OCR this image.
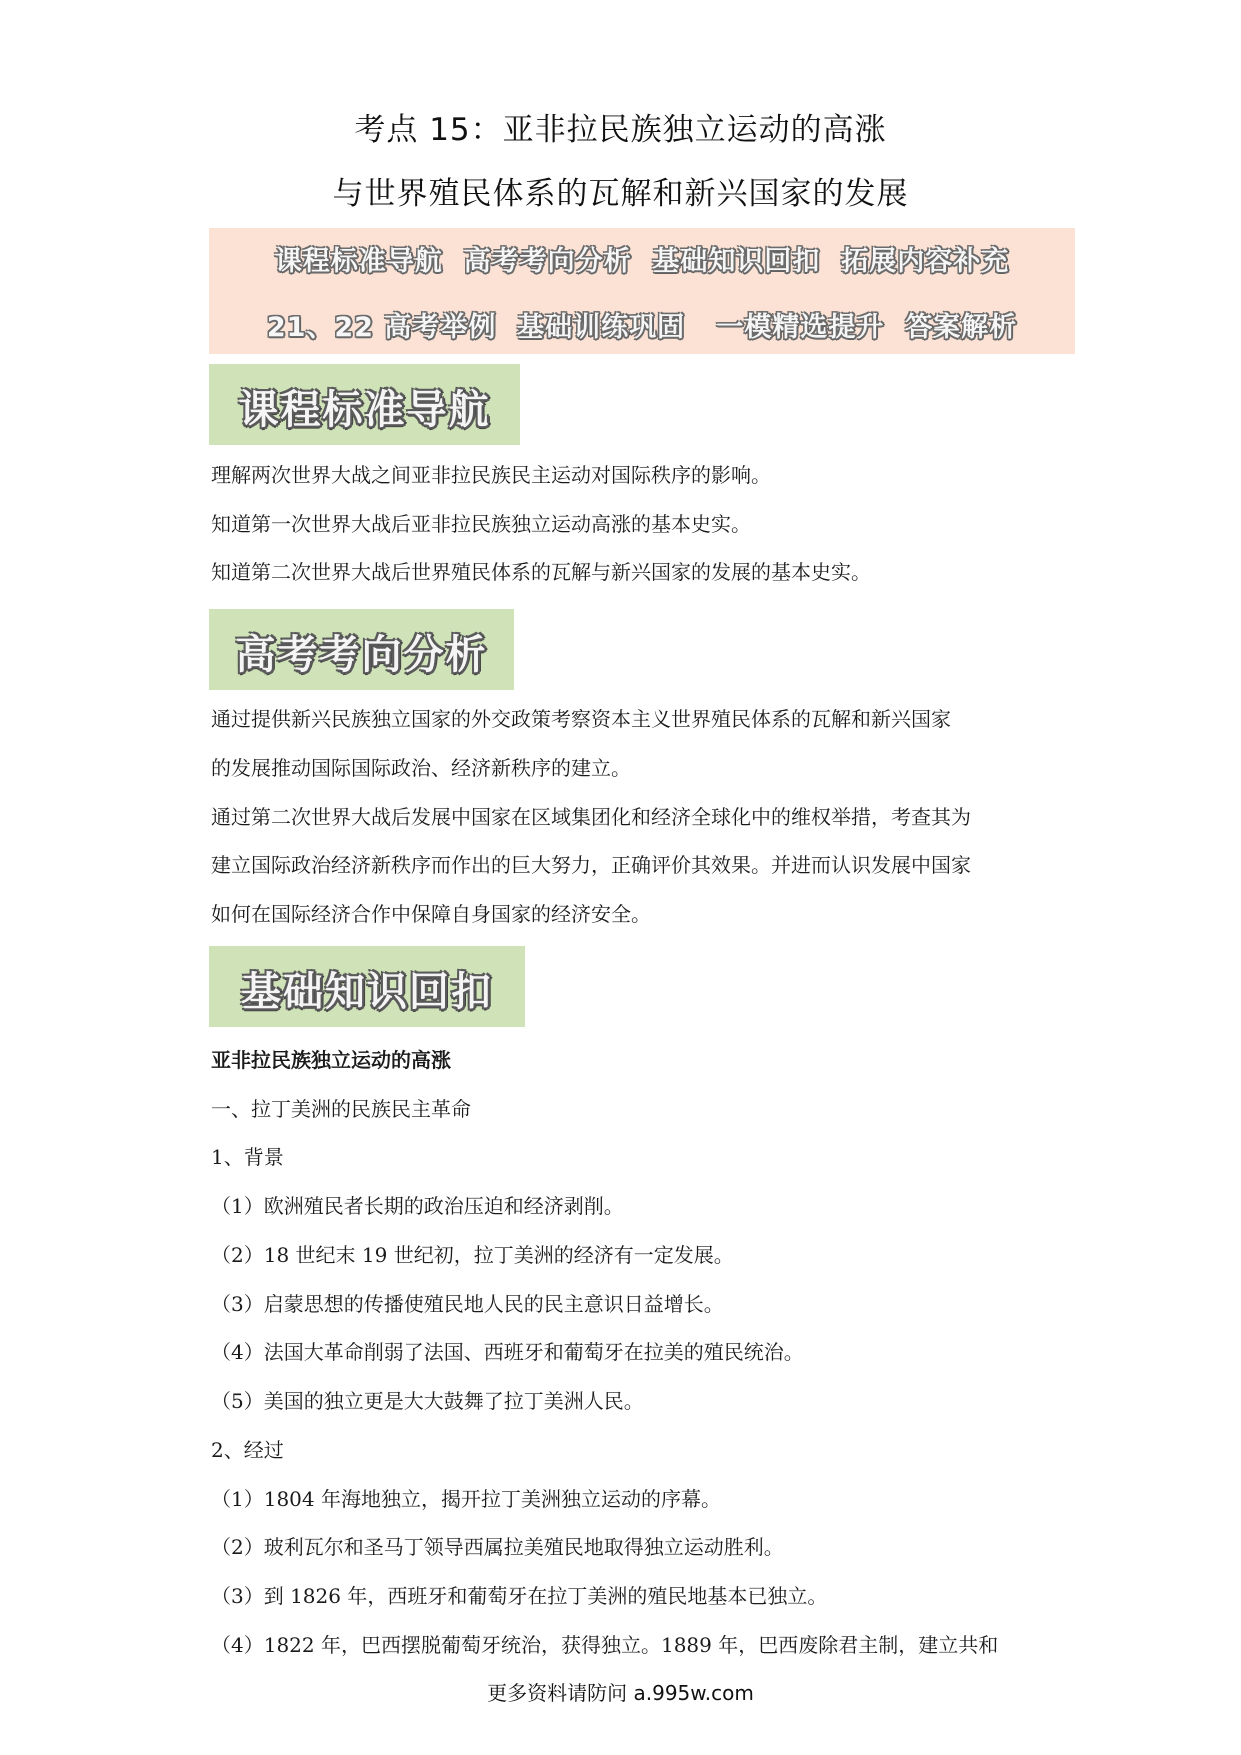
考点 15：亚非拉民族独立运动的高涨
与世界殖民体系的瓦解和新兴国家的发展
课程标准导航 高考考向分析 基础知识回扣 拓展内容补充
21、22 高考举例 基础训练巩固 一模精选提升 答案解析
课程标准导航
理解两次世界大战之间亚非拉民族民主运动对国际秩序的影响。
知道第一次世界大战后亚非拉民族独立运动高涨的基本史实。
知道第二次世界大战后世界殖民体系的瓦解与新兴国家的发展的基本史实。
高考考向分析
通过提供新兴民族独立国家的外交政策考察资本主义世界殖民体系的瓦解和新兴国家
的发展推动国际国际政治、经济新秩序的建立。
通过第二次世界大战后发展中国家在区域集团化和经济全球化中的维权举措，考查其为
建立国际政治经济新秩序而作出的巨大努力，正确评价其效果。并进而认识发展中国家
如何在国际经济合作中保障自身国家的经济安全。
基础知识回扣
亚非拉民族独立运动的高涨
一、拉丁美洲的民族民主革命
1、背景
（1）欧洲殖民者长期的政治压迫和经济剥削。
（2）18 世纪末 19 世纪初，拉丁美洲的经济有一定发展。
（3）启蒙思想的传播使殖民地人民的民主意识日益增长。
（4）法国大革命削弱了法国、西班牙和葡萄牙在拉美的殖民统治。
（5）美国的独立更是大大鼓舞了拉丁美洲人民。
2、经过
（1）1804 年海地独立，揭开拉丁美洲独立运动的序幕。
（2）玻利瓦尔和圣马丁领导西属拉美殖民地取得独立运动胜利。
（3）到 1826 年，西班牙和葡萄牙在拉丁美洲的殖民地基本已独立。
（4）1822 年，巴西摆脱葡萄牙统治，获得独立。1889 年，巴西废除君主制，建立共和
更多资料请防问 a.995w.com
